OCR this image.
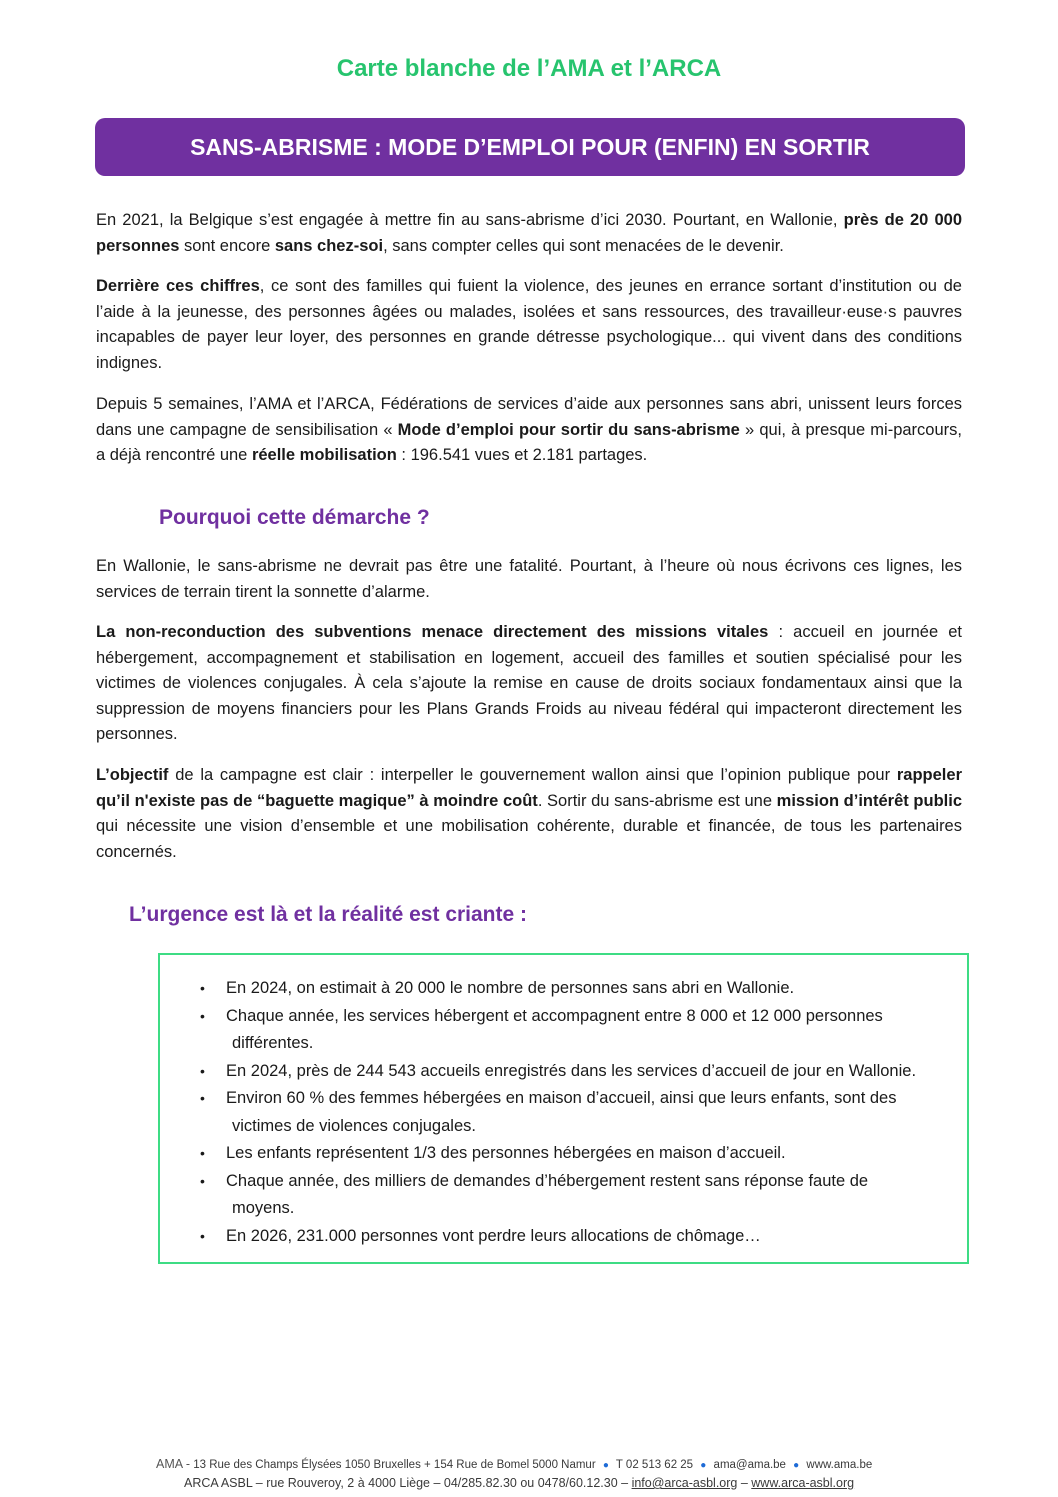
Carte blanche de l’AMA et l’ARCA
SANS-ABRISME : MODE D’EMPLOI POUR (ENFIN) EN SORTIR

En 2021, la Belgique s’est engagée à mettre fin au sans-abrisme d’ici 2030. Pourtant, en Wallonie, près de 20 000 personnes sont encore sans chez-soi, sans compter celles qui sont menacées de le devenir.

Derrière ces chiffres, ce sont des familles qui fuient la violence, des jeunes en errance sortant d’institution ou de l’aide à la jeunesse, des personnes âgées ou malades, isolées et sans ressources, des travailleur·euse·s pauvres incapables de payer leur loyer, des personnes en grande détresse psychologique... qui vivent dans des conditions indignes.

Depuis 5 semaines, l’AMA et l’ARCA, Fédérations de services d’aide aux personnes sans abri, unissent leurs forces dans une campagne de sensibilisation « Mode d’emploi pour sortir du sans-abrisme » qui, à presque mi-parcours, a déjà rencontré une réelle mobilisation : 196.541 vues et 2.181 partages.

Pourquoi cette démarche ?

En Wallonie, le sans-abrisme ne devrait pas être une fatalité. Pourtant, à l’heure où nous écrivons ces lignes, les services de terrain tirent la sonnette d’alarme.

La non-reconduction des subventions menace directement des missions vitales : accueil en journée et hébergement, accompagnement et stabilisation en logement, accueil des familles et soutien spécialisé pour les victimes de violences conjugales. À cela s’ajoute la remise en cause de droits sociaux fondamentaux ainsi que la suppression de moyens financiers pour les Plans Grands Froids au niveau fédéral qui impacteront directement les personnes.

L’objectif de la campagne est clair : interpeller le gouvernement wallon ainsi que l’opinion publique pour rappeler qu’il n'existe pas de “baguette magique” à moindre coût. Sortir du sans-abrisme est une mission d’intérêt public qui nécessite une vision d’ensemble et une mobilisation cohérente, durable et financée, de tous les partenaires concernés.

L’urgence est là et la réalité est criante :
• En 2024, on estimait à 20 000 le nombre de personnes sans abri en Wallonie.
• Chaque année, les services hébergent et accompagnent entre 8 000 et 12 000 personnes
différentes.
• En 2024, près de 244 543 accueils enregistrés dans les services d’accueil de jour en Wallonie.
• Environ 60 % des femmes hébergées en maison d’accueil, ainsi que leurs enfants, sont des
victimes de violences conjugales.
• Les enfants représentent 1/3 des personnes hébergées en maison d’accueil.
• Chaque année, des milliers de demandes d’hébergement restent sans réponse faute de
moyens.
• En 2026, 231.000 personnes vont perdre leurs allocations de chômage…
AMA - 13 Rue des Champs Élysées 1050 Bruxelles + 154 Rue de Bomel 5000 Namur ● T 02 513 62 25 ● ama@ama.be ● www.ama.be
ARCA ASBL – rue Rouveroy, 2 à 4000 Liège – 04/285.82.30 ou 0478/60.12.30 – info@arca-asbl.org – www.arca-asbl.org
